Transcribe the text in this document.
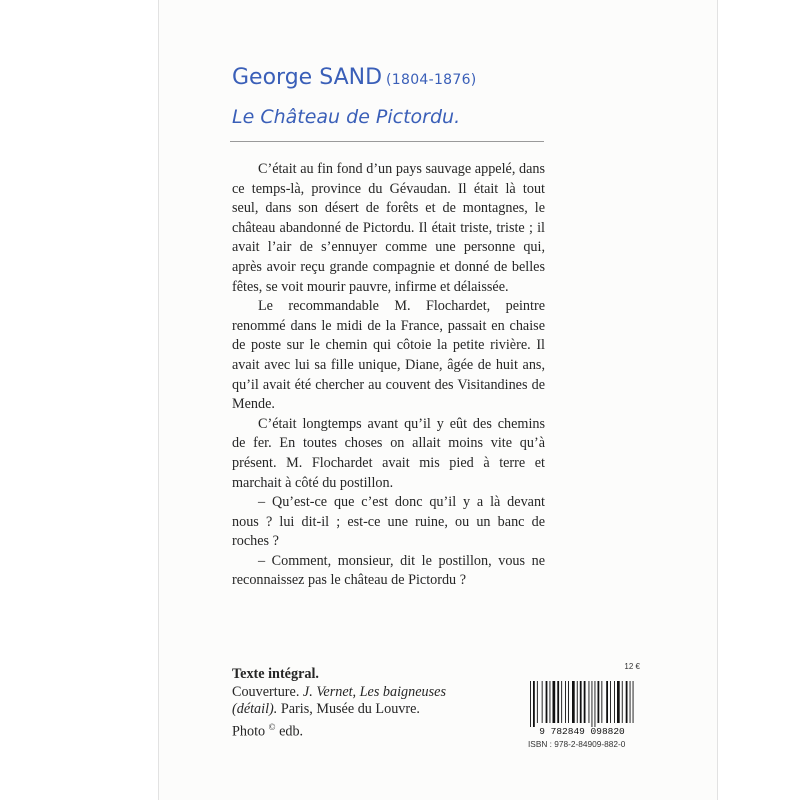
George SAND (1804-1876)
Le Château de Pictordu.

C’était au fin fond d’un pays sauvage appelé, dans ce temps-là, province du Gévaudan. Il était là tout seul, dans son désert de forêts et de montagnes, le château abandonné de Pictordu. Il était triste, triste ; il avait l’air de s’ennuyer comme une personne qui, après avoir reçu grande compagnie et donné de belles fêtes, se voit mourir pauvre, infirme et délaissée.

Le recommandable M. Flochardet, peintre renommé dans le midi de la France, passait en chaise de poste sur le chemin qui côtoie la petite rivière. Il avait avec lui sa fille unique, Diane, âgée de huit ans, qu’il avait été chercher au couvent des Visitandines de Mende.

C’était longtemps avant qu’il y eût des chemins de fer. En toutes choses on allait moins vite qu’à présent. M. Flochardet avait mis pied à terre et marchait à côté du postillon.

– Qu’est-ce que c’est donc qu’il y a là devant nous ? lui dit-il ; est-ce une ruine, ou un banc de roches ?

– Comment, monsieur, dit le postillon, vous ne reconnaissez pas le château de Pictordu ?

Texte intégral.
Couverture. J. Vernet, Les baigneuses (détail). Paris, Musée du Louvre.
Photo © edb.
12 €
9 782849 098820
ISBN : 978-2-84909-882-0
